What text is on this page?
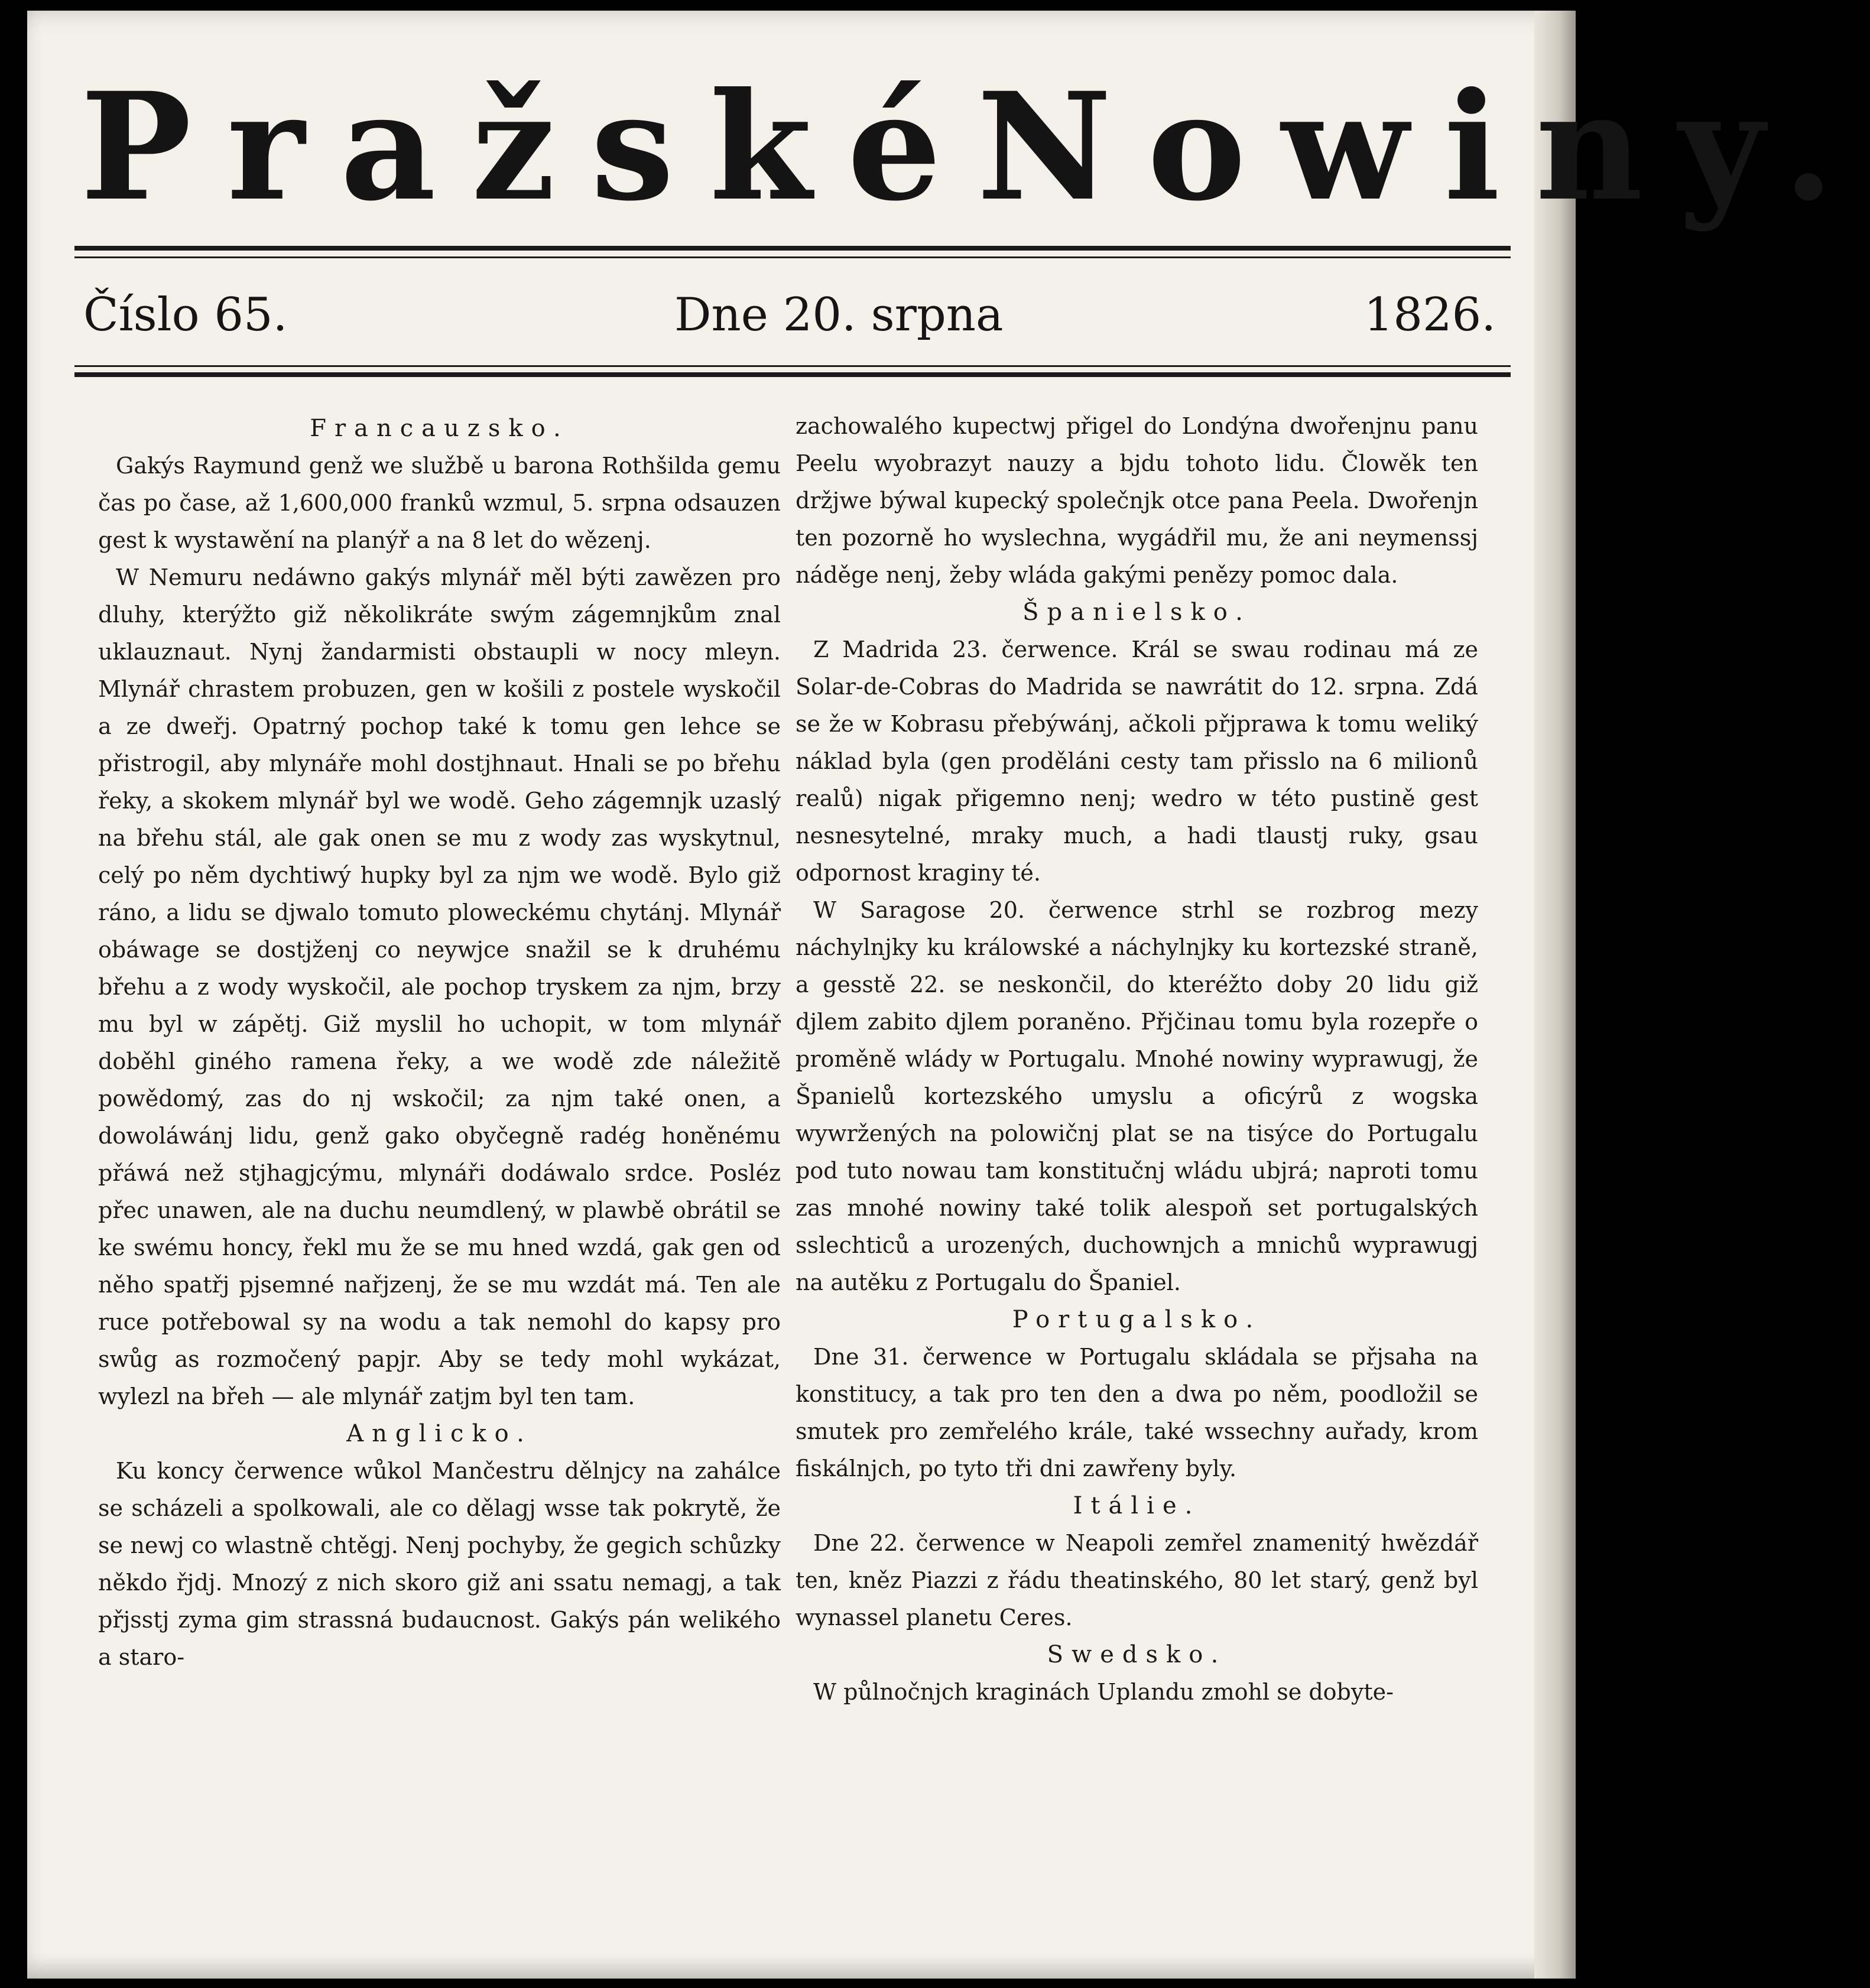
Pražské Nowiny.
Číslo 65.	Dne 20. srpna	1826.

Francauzsko.

Gakýs Raymund genž we službě u barona Rothšilda gemu čas po čase, až 1,600,000 franků wzmul, 5. srpna odsauzen gest k wystawění na planýř a na 8 let do wězenj.

W Nemuru nedáwno gakýs mlynář měl býti zawězen pro dluhy, kterýžto giž několikráte swým zágemnjkům znal uklauznaut. Nynj žandarmisti obstaupli w nocy mleyn. Mlynář chrastem probuzen, gen w košili z postele wyskočil a ze dweřj. Opatrný pochop také k tomu gen lehce se přistrogil, aby mlynáře mohl dostjhnaut. Hnali se po břehu řeky, a skokem mlynář byl we wodě. Geho zágemnjk uzaslý na břehu stál, ale gak onen se mu z wody zas wyskytnul, celý po něm dychtiwý hupky byl za njm we wodě. Bylo giž ráno, a lidu se djwalo tomuto ploweckému chytánj. Mlynář obáwage se dostjženj co neywjce snažil se k druhému břehu a z wody wyskočil, ale pochop tryskem za njm, brzy mu byl w zápětj. Giž myslil ho uchopit, w tom mlynář doběhl giného ramena řeky, a we wodě zde náležitě powědomý, zas do nj wskočil; za njm také onen, a dowoláwánj lidu, genž gako obyčegně radég honěnému přáwá než stjhagjcýmu, mlynáři dodáwalo srdce. Posléz přec unawen, ale na duchu neumdlený, w plawbě obrátil se ke swému honcy, řekl mu že se mu hned wzdá, gak gen od něho spatřj pjsemné nařjzenj, že se mu wzdát má. Ten ale ruce potřebowal sy na wodu a tak nemohl do kapsy pro swůg as rozmočený papjr. Aby se tedy mohl wykázat, wylezl na břeh — ale mlynář zatjm byl ten tam.

Anglicko.

Ku koncy čerwence wůkol Mančestru dělnjcy na zahálce se scházeli a spolkowali, ale co dělagj wsse tak pokrytě, že se newj co wlastně chtěgj. Nenj pochyby, že gegich schůzky někdo řjdj. Mnozý z nich skoro giž ani ssatu nemagj, a tak přjsstj zyma gim strassná budaucnost. Gakýs pán welikého a staro-

zachowalého kupectwj přigel do Londýna dwořenjnu panu Peelu wyobrazyt nauzy a bjdu tohoto lidu. Člowěk ten držjwe býwal kupecký společnjk otce pana Peela. Dwořenjn ten pozorně ho wyslechna, wygádřil mu, že ani neymenssj náděge nenj, žeby wláda gakými penězy pomoc dala.

Španielsko.

Z Madrida 23. čerwence. Král se swau rodinau má ze Solar-de-Cobras do Madrida se nawrátit do 12. srpna. Zdá se že w Kobrasu přebýwánj, ačkoli přjprawa k tomu weliký náklad byla (gen proděláni cesty tam přisslo na 6 milionů realů) nigak přigemno nenj; wedro w této pustině gest nesnesytelné, mraky much, a hadi tlaustj ruky, gsau odpornost kraginy té.

W Saragose 20. čerwence strhl se rozbrog mezy náchylnjky ku králowské a náchylnjky ku kortezské straně, a gesstě 22. se neskončil, do kteréžto doby 20 lidu giž djlem zabito djlem poraněno. Přjčinau tomu byla rozepře o proměně wlády w Portugalu. Mnohé nowiny wyprawugj, že Španielů kortezského umyslu a oficýrů z wogska wywržených na polowičnj plat se na tisýce do Portugalu pod tuto nowau tam konstitučnj wládu ubjrá; naproti tomu zas mnohé nowiny také tolik alespoň set portugalských sslechticů a urozených, duchownjch a mnichů wyprawugj na autěku z Portugalu do Španiel.

Portugalsko.

Dne 31. čerwence w Portugalu skládala se přjsaha na konstitucy, a tak pro ten den a dwa po něm, poodložil se smutek pro zemřelého krále, také wssechny auřady, krom fiskálnjch, po tyto tři dni zawřeny byly.

Itálie.

Dne 22. čerwence w Neapoli zemřel znamenitý hwězdář ten, kněz Piazzi z řádu theatinského, 80 let starý, genž byl wynassel planetu Ceres.

Swedsko.

W půlnočnjch kraginách Uplandu zmohl se dobyte-
